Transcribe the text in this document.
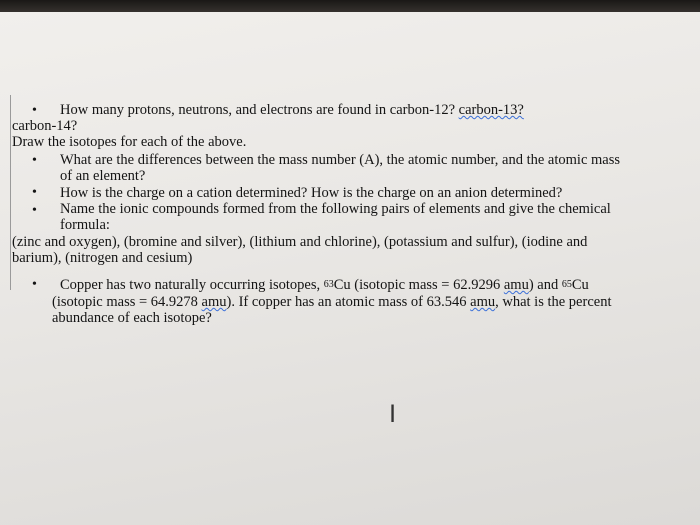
• How many protons, neutrons, and electrons are found in carbon-12? carbon-13?
carbon-14?
Draw the isotopes for each of the above.
• What are the differences between the mass number (A), the atomic number, and the atomic mass
of an element?
• How is the charge on a cation determined? How is the charge on an anion determined?
• Name the ionic compounds formed from the following pairs of elements and give the chemical
formula:
(zinc and oxygen), (bromine and silver), (lithium and chlorine), (potassium and sulfur), (iodine and
barium), (nitrogen and cesium)
• Copper has two naturally occurring isotopes, $^{63}$Cu (isotopic mass = 62.9296 amu) and $^{65}$Cu
(isotopic mass = 64.9278 amu). If copper has an atomic mass of 63.546 amu, what is the percent
abundance of each isotope?
I
